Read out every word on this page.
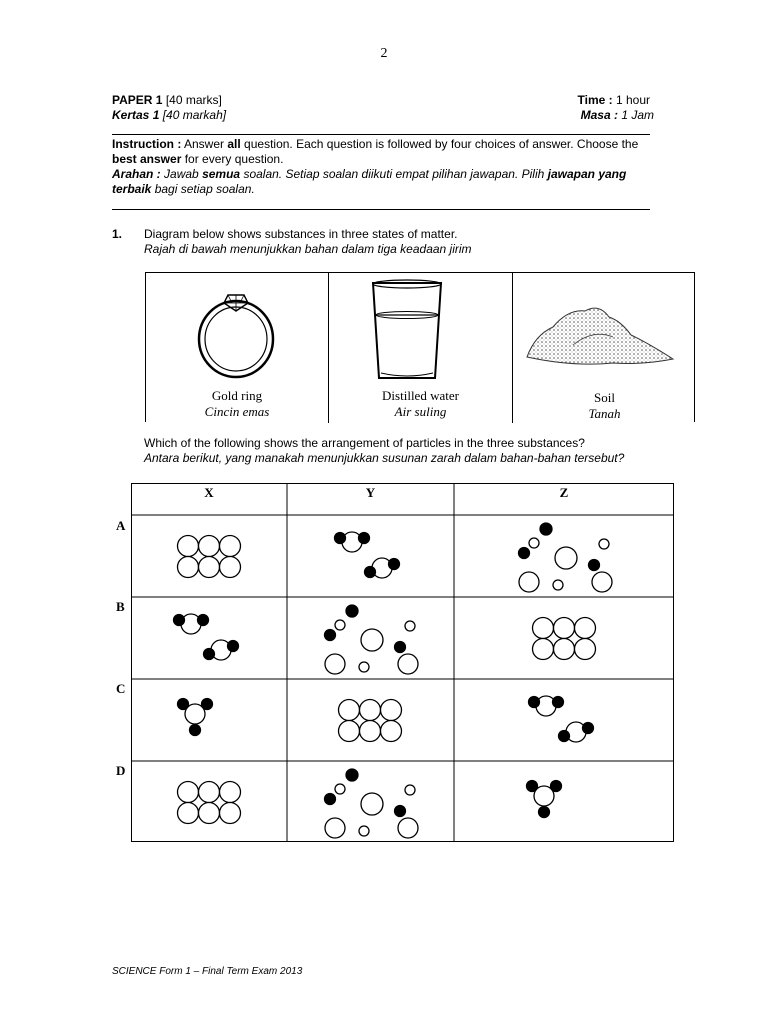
2
PAPER 1 [40 marks]
Kertas 1 [40 markah]
Time : 1 hour
Masa : 1 Jam
Instruction : Answer all question. Each question is followed by four choices of answer. Choose the best answer for every question.
Arahan : Jawab semua soalan. Setiap soalan diikuti empat pilihan jawapan. Pilih jawapan yang terbaik bagi setiap soalan.
1. Diagram below shows substances in three states of matter.
Rajah di bawah menunjukkan bahan dalam tiga keadaan jirim
Gold ring
Cincin emas
Distilled water
Air suling
Soil
Tanah
Which of the following shows the arrangement of particles in the three substances?
Antara berikut, yang manakah menunjukkan susunan zarah dalam bahan-bahan tersebut?
A
B
C
D
X	Y	Z
SCIENCE Form 1 – Final Term Exam 2013
